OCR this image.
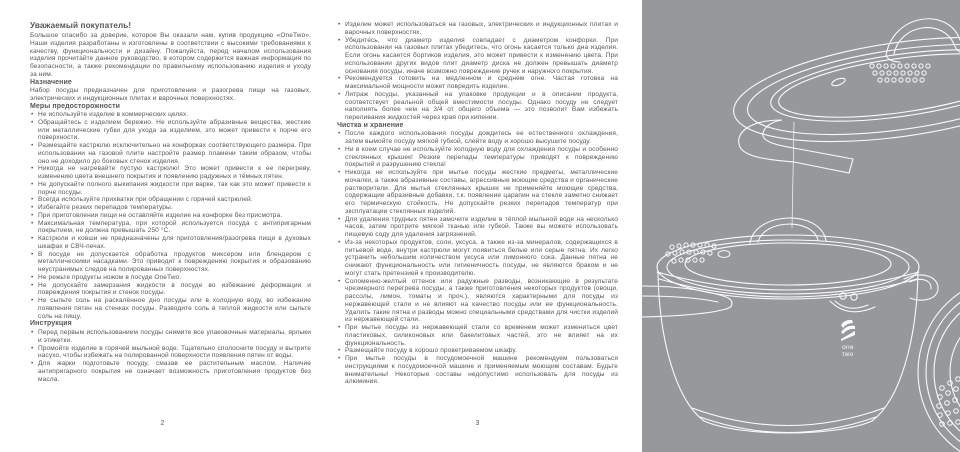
Уважаемый покупатель!

Большое спасибо за доверие, которое Вы оказали нам, купив продукцию «OneTwo». Наши изделия разработаны и изготовлены в соответствии с высокими требованиями к качеству, функциональности и дизайну. Пожалуйста, перед началом использования изделия прочитайте данное руководство, в котором содержится важная информация по безопасности, а также рекомендации по правильному использованию изделия и уходу за ним.

Назначение

Набор посуды предназначен для приготовления и разогрева пищи на газовых, электрических и индукционных плитах и варочных поверхностях.

Меры предосторожности
• Не используйте изделие в коммерческих целях.
• Обращайтесь с изделием бережно. Не используйте абразивные вещества, жесткие или металлические губки для ухода за изделием, это может привести к порче его поверхности.
• Размещайте кастрюлю исключительно на конфорках соответствующего размера. При использовании на газовой плите настройте размер пламени таким образом, чтобы оно не доходило до боковых стенок изделия.
• Никогда не нагревайте пустую кастрюлю! Это может привести к ее перегреву, изменению цвета внешнего покрытия и появлению радужных и тёмных пятен.
• Не допускайте полного выкипания жидкости при варке, так как это может привести к порче посуды.
• Всегда используйте прихватки при обращении с горячей кастрюлей.
• Избегайте резких перепадов температуры.
• При приготовлении пищи не оставляйте изделие на конфорке без присмотра.
• Максимальная температура, при которой используется посуда с антипригарным покрытием, не должна превышать 250 °C.
• Кастрюли и ковши не предназначены для приготовления/разогрева пищи в духовых шкафах и СВЧ-печах.
• В посуде не допускается обработка продуктов миксером или блендером с металлическими насадками. Это приводит к повреждению покрытия и образованию неустранимых следов на полированных поверхностях.
• Не режьте продукты ножом в посуде OneTwo.
• Не допускайте замерзания жидкости в посуде во избежание деформации и повреждения покрытия и стенок посуды.
• Не сыпьте соль на раскалённое дно посуды или в холодную воду, во избежание появления пятен на стенках посуды. Разводите соль в теплой жидкости или сыпьте соль на пищу.
Инструкция
• Перед первым использованием посуды снимите все упаковочные материалы, ярлыки и этикетки.
• Промойте изделие в горячей мыльной воде. Тщательно сполосните посуду и вытрите насухо, чтобы избежать на полированной поверхности появления пятен от воды.
• Для жарки подготовьте посуду, смазав ее растительным маслом. Наличие антипригарного покрытия не означает возможность приготовления продуктов без масла.
2
• Изделие может использоваться на газовых, электрических и индукционных плитах и варочных поверхностях.
• Убедитесь, что диаметр изделия совпадает с диаметром конфорки. При использовании на газовых плитах убедитесь, что огонь касается только дна изделия. Если огонь касается бортиков изделия, это может привести к изменению цвета. При использовании других видов плит диаметр диска не должен превышать диаметр основания посуды, иначе возможно повреждение ручек и наружного покрытия.
• Рекомендуется готовить на медленном и среднем огне. Частая готовка на максимальной мощности может повредить изделие.
• Литраж посуды, указанный на упаковке продукции и в описании продукта, соответствует реальной общей вместимости посуды. Однако посуду не следует наполнять более чем на 3/4 от общего объема — это позволит Вам избежать переливания жидкостей через края при кипении.
Чистка и хранение
• После каждого использования посуды дождитесь ее естественного охлаждения, затем вымойте посуду мягкой губкой, слейте воду и хорошо высушите посуду.
• Ни в коем случае не используйте холодную воду для охлаждения посуды и особенно стеклянных крышек! Резкие перепады температуры приводят к повреждению покрытий и разрушению стекла!
• Никогда не используйте при мытье посуды жесткие предметы, металлические мочалки, а также абразивные составы, агрессивные моющие средства и органические растворители. Для мытья стеклянных крышек не применяйте моющие средства, содержащие абразивные добавки, т.к. появление царапин на стекле заметно снижает его термическую стойкость. Не допускайте резких перепадов температур при эксплуатации стеклянных изделий.
• Для удаления трудных пятен замочите изделие в тёплой мыльной воде на несколько часов, затем протрите мягкой тканью или губкой. Также вы можете использовать пищевую соду для удаления загрязнений.
• Из-за некоторых продуктов, соли, уксуса, а также из-за минералов, содержащихся в питьевой воде, внутри кастрюли могут появиться белые или серые пятна. Их легко устранить небольшим количеством уксуса или лимонного сока. Данные пятна не снижают функциональность или гигиеничность посуды, не являются браком и не могут стать претензией к производителю.
• Соломенно-желтый оттенок или радужные разводы, возникающие в результате чрезмерного перегрева посуды, а также приготовления некоторых продуктов (овощи, рассолы, лимон, томаты и проч.), являются характерными для посуды из нержавеющей стали и не влияют на качество посуды или ее функциональность. Удалить такие пятна и разводы можно специальными средствами для чистки изделий из нержавеющей стали.
• При мытье посуды из нержавеющей стали со временем может измениться цвет пластиковых, силиконовых или бакелитовых частей, это не влияет на их функциональность.
• Размещайте посуду в хорошо проветриваемом шкафу.
• При мытье посуды в посудомоечной машине рекомендуем пользоваться инструкциями к посудомоечной машине и применяемым моющим составам. Будьте внимательны! Некоторые составы недопустимо использовать для посуды из алюминия.
3
one
two
